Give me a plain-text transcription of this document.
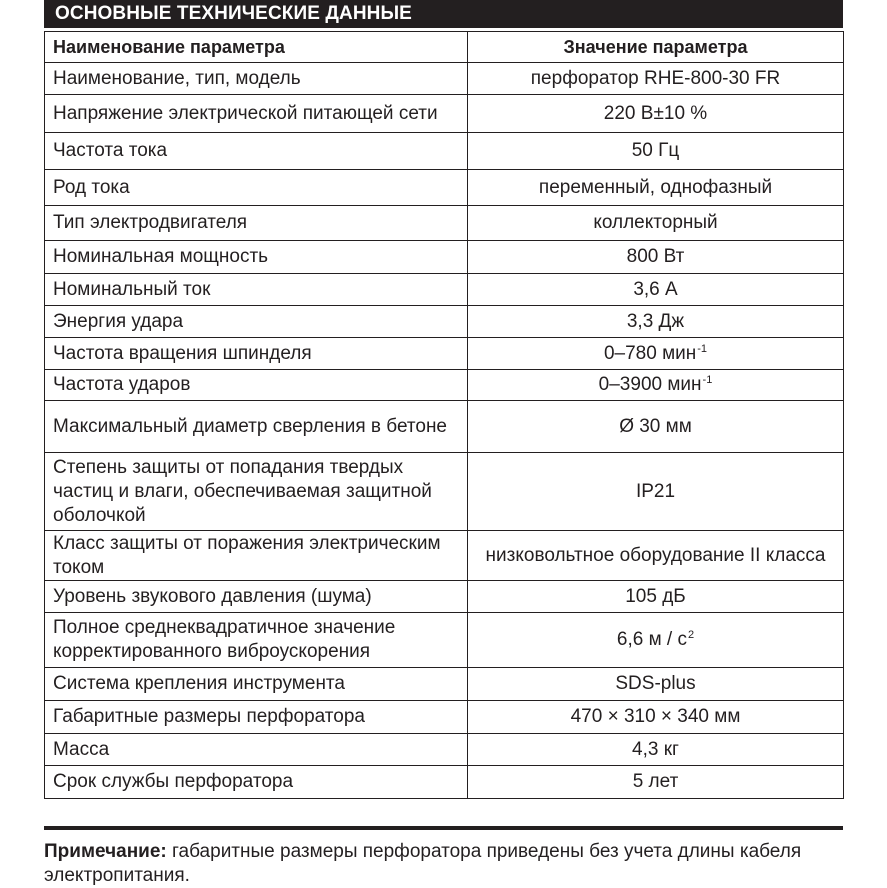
ОСНОВНЫЕ ТЕХНИЧЕСКИЕ ДАННЫЕ
Наименование параметра	Значение параметра
Наименование, тип, модель	перфоратор RHE-800-30 FR
Напряжение электрической питающей сети	220 В±10 %
Частота тока	50 Гц
Род тока	переменный, однофазный
Тип электродвигателя	коллекторный
Номинальная мощность	800 Вт
Номинальный ток	3,6 А
Энергия удара	3,3 Дж
Частота вращения шпинделя	0–780 мин$^{-1}$
Частота ударов	0–3900 мин$^{-1}$
Максимальный диаметр сверления в бетоне	Ø 30 мм
Степень защиты от попадания твердых частиц и влаги, обеспечиваемая защитной оболочкой	IP21
Класс защиты от поражения электрическим током	низковольтное оборудование II класса
Уровень звукового давления (шума)	105 дБ
Полное среднеквадратичное значение корректированного виброускорения	6,6 м / $с^2$
Система крепления инструмента	SDS-plus
Габаритные размеры перфоратора	470 × 310 × 340 мм
Масса	4,3 кг
Срок службы перфоратора	5 лет
Примечание: габаритные размеры перфоратора приведены без учета длины кабеля электропитания.
